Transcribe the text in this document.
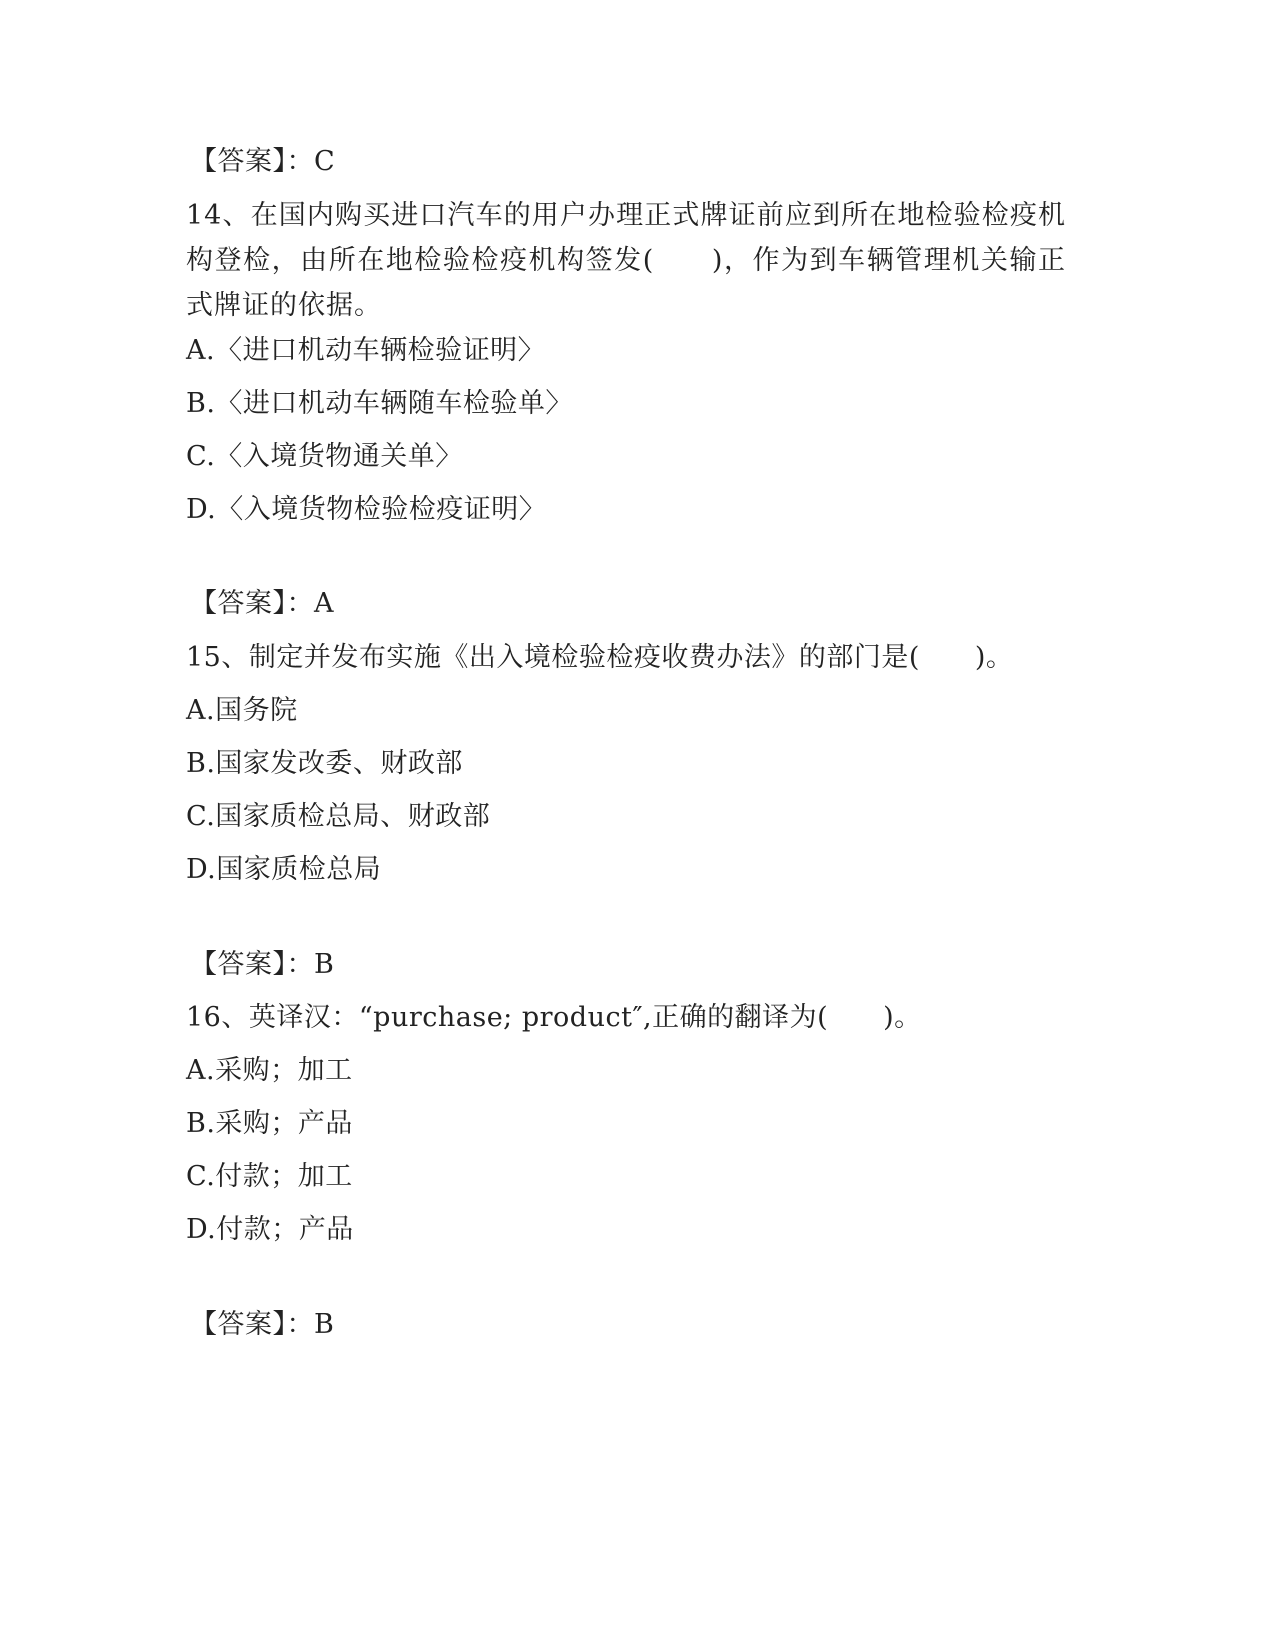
【答案】：C
14、在国内购买进口汽车的用户办理正式牌证前应到所在地检验检疫机构登检，由所在地检验检疫机构签发(　　)，作为到车辆管理机关输正式牌证的依据。
A.〈进口机动车辆检验证明〉
B.〈进口机动车辆随车检验单〉
C.〈入境货物通关单〉
D.〈入境货物检验检疫证明〉
【答案】：A
15、制定并发布实施《出入境检验检疫收费办法》的部门是(　　)。
A.国务院
B.国家发改委、财政部
C.国家质检总局、财政部
D.国家质检总局
【答案】：B
16、英译汉：“purchase; product″,正确的翻译为(　　)。
A.采购；加工
B.采购；产品
C.付款；加工
D.付款；产品
【答案】：B
